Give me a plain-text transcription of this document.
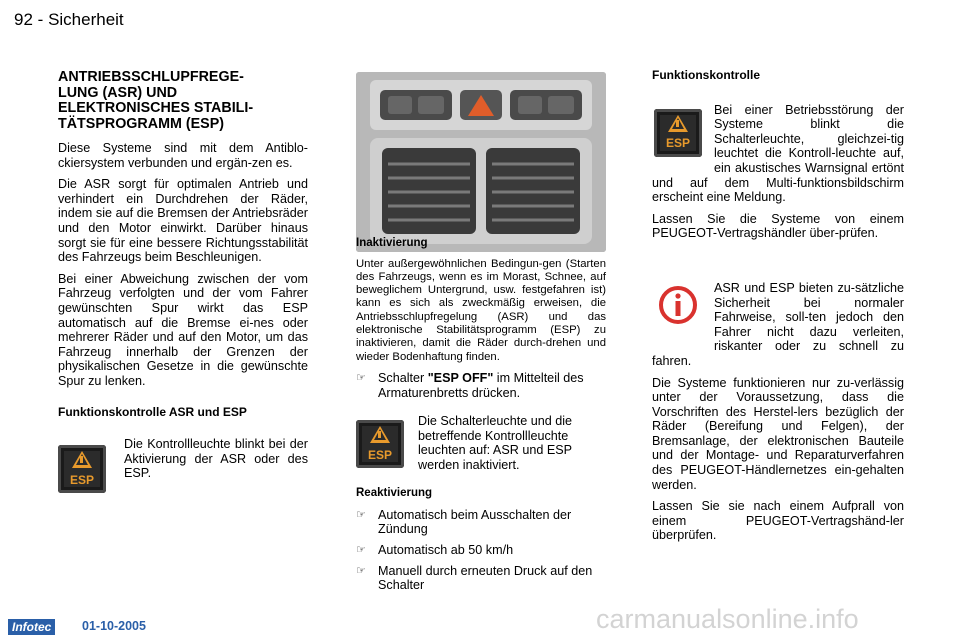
92 - Sicherheit
ANTRIEBSSCHLUPFREGE-
LUNG (ASR) UND
ELEKTRONISCHES STABILI-
TÄTSPROGRAMM (ESP)

Diese Systeme sind mit dem Antiblo-ckiersystem verbunden und ergän-zen es.

Die ASR sorgt für optimalen Antrieb und verhindert ein Durchdrehen der Räder, indem sie auf die Bremsen der Antriebsräder und den Motor einwirkt. Darüber hinaus sorgt sie für eine bessere Richtungsstabilität des Fahrzeugs beim Beschleunigen.

Bei einer Abweichung zwischen der vom Fahrzeug verfolgten und der vom Fahrer gewünschten Spur wirkt das ESP automatisch auf die Bremse ei-nes oder mehrerer Räder und auf den Motor, um das Fahrzeug innerhalb der Grenzen der physikalischen Gesetze in die gewünschte Spur zu lenken.

Funktionskontrolle ASR und ESP
ESP

Die Kontrollleuchte blinkt bei der Aktivierung der ASR oder des ESP.

Inaktivierung

Unter außergewöhnlichen Bedingun-gen (Starten des Fahrzeugs, wenn es im Morast, Schnee, auf beweglichem Untergrund, usw. festgefahren ist) kann es sich als zweckmäßig erweisen, die Antriebsschlupfregelung (ASR) und das elektronische Stabilitätsprogramm (ESP) zu inaktivieren, damit die Räder durch-drehen und wieder Bodenhaftung finden.

☞ Schalter "ESP OFF" im Mittelteil des Armaturenbretts drücken.
ESP

Die Schalterleuchte und die betreffende Kontrollleuchte leuchten auf: ASR und ESP werden inaktiviert.

Reaktivierung
☞ Automatisch beim Ausschalten der Zündung
☞ Automatisch ab 50 km/h
☞ Manuell durch erneuten Druck auf den Schalter
Funktionskontrolle
ESP

Bei einer Betriebsstörung der Systeme blinkt die Schalterleuchte, gleichzei-tig leuchtet die Kontroll-leuchte auf, ein akustisches Warnsignal ertönt und auf dem Multi-funktionsbildschirm erscheint eine Meldung.

Lassen Sie die Systeme von einem PEUGEOT-Vertragshändler über-prüfen.

ASR und ESP bieten zu-sätzliche Sicherheit bei normaler Fahrweise, soll-ten jedoch den Fahrer nicht dazu verleiten, riskanter oder zu schnell zu fahren.

Die Systeme funktionieren nur zu-verlässig unter der Voraussetzung, dass die Vorschriften des Herstel-lers bezüglich der Räder (Bereifung und Felgen), der Bremsanlage, der elektronischen Bauteile und der Montage- und Reparaturverfahren des PEUGEOT-Händlernetzes ein-gehalten werden.

Lassen Sie sie nach einem Aufprall von einem PEUGEOT-Vertragshänd-ler überprüfen.

Infotec	01-10-2005	carmanualsonline.info
